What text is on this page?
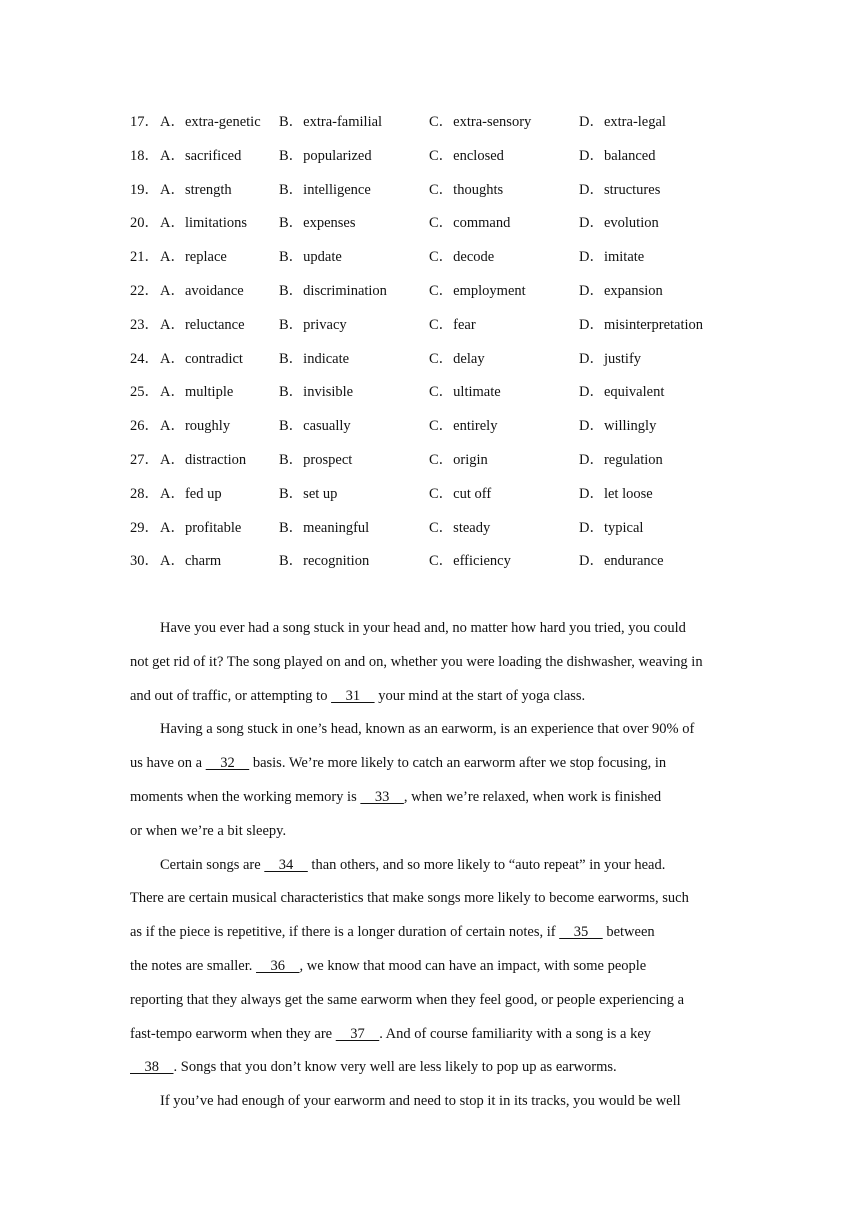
17． A．extra-genetic B．extra-familial	C．extra-sensory	D．extra-legal
18． A．sacrificed	B．popularized	C．enclosed	D．balanced
19． A．strength	B．intelligence	C．thoughts	D．structures
20． A．limitations B．expenses	C．command	D．evolution
21． A．replace	B．update	C．decode	D．imitate
22． A．avoidance B．discrimination	C．employment	D．expansion
23． A．reluctance B．privacy	C．fear	D．misinterpretation
24． A．contradict B．indicate	C．delay	D．justify
25． A．multiple	B．invisible	C．ultimate	D．equivalent
26． A．roughly	B．casually	C．entirely	D．willingly
27． A．distraction B．prospect	C．origin	D．regulation
28． A．fed up	B．set up	C．cut off	D．let loose
29． A．profitable	B．meaningful	C．steady	D．typical
30． A．charm	B．recognition	C．efficiency	D．endurance
Have you ever had a song stuck in your head and, no matter how hard you tried, you could
not get rid of it? The song played on and on, whether you were loading the dishwasher, weaving in
and out of traffic, or attempting to     31     your mind at the start of yoga class.
Having a song stuck in one’s head, known as an earworm, is an experience that over 90% of
us have on a     32     basis. We’re more likely to catch an earworm after we stop focusing, in
moments when the working memory is     33    , when we’re relaxed, when work is finished
or when we’re a bit sleepy.
Certain songs are     34     than others, and so more likely to “auto repeat” in your head.
There are certain musical characteristics that make songs more likely to become earworms, such
as if the piece is repetitive, if there is a longer duration of certain notes, if     35     between
the notes are smaller.     36    , we know that mood can have an impact, with some people
reporting that they always get the same earworm when they feel good, or people experiencing a
fast-tempo earworm when they are     37    . And of course familiarity with a song is a key
38    . Songs that you don’t know very well are less likely to pop up as earworms.
If you’ve had enough of your earworm and need to stop it in its tracks, you would be well
